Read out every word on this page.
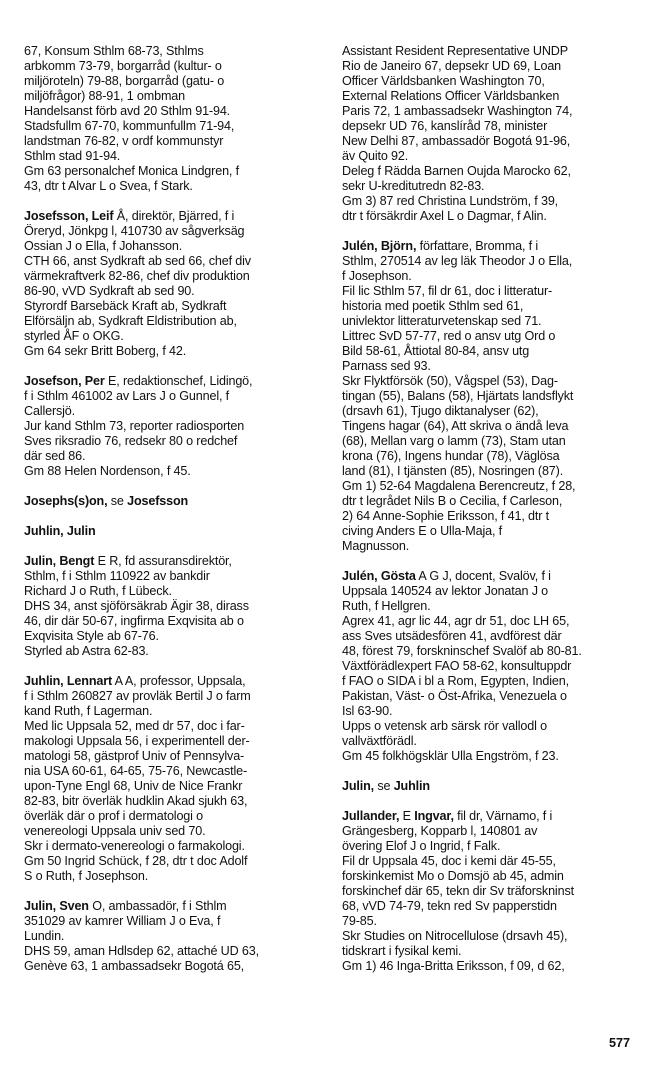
67, Konsum Sthlm 68-73, Sthlms
arbkomm 73-79, borgarråd (kultur- o
miljöroteln) 79-88, borgarråd (gatu- o
miljöfrågor) 88-91, 1 ombman
Handelsanst förb avd 20 Sthlm 91-94.
Stadsfullm 67-70, kommunfullm 71-94,
landstman 76-82, v ordf kommunstyr
Sthlm stad 91-94.
Gm 63 personalchef Monica Lindgren, f
43, dtr t Alvar L o Svea, f Stark.
Josefsson, Leif Å, direktör, Bjärred, f i
Öreryd, Jönkpg l, 410730 av sågverksäg
Ossian J o Ella, f Johansson.
CTH 66, anst Sydkraft ab sed 66, chef div
värmekraftverk 82-86, chef div produktion
86-90, vVD Sydkraft ab sed 90.
Styrordf Barsebäck Kraft ab, Sydkraft
Elförsäljn ab, Sydkraft Eldistribution ab,
styrled ÅF o OKG.
Gm 64 sekr Britt Boberg, f 42.
Josefson, Per E, redaktionschef, Lidingö,
f i Sthlm 461002 av Lars J o Gunnel, f
Callersjö.
Jur kand Sthlm 73, reporter radiosporten
Sves riksradio 76, redsekr 80 o redchef
där sed 86.
Gm 88 Helen Nordenson, f 45.
Josephs(s)on, se Josefsson
Juhlin, Julin
Julin, Bengt E R, fd assuransdirektör,
Sthlm, f i Sthlm 110922 av bankdir
Richard J o Ruth, f Lübeck.
DHS 34, anst sjöförsäkrab Ägir 38, dirass
46, dir där 50-67, ingfirma Exqvisita ab o
Exqvisita Style ab 67-76.
Styrled ab Astra 62-83.
Juhlin, Lennart A A, professor, Uppsala,
f i Sthlm 260827 av provläk Bertil J o farm
kand Ruth, f Lagerman.
Med lic Uppsala 52, med dr 57, doc i far-
makologi Uppsala 56, i experimentell der-
matologi 58, gästprof Univ of Pennsylva-
nia USA 60-61, 64-65, 75-76, Newcastle-
upon-Tyne Engl 68, Univ de Nice Frankr
82-83, bitr överläk hudklin Akad sjukh 63,
överläk där o prof i dermatologi o
venereologi Uppsala univ sed 70.
Skr i dermato-venereologi o farmakologi.
Gm 50 Ingrid Schück, f 28, dtr t doc Adolf
S o Ruth, f Josephson.
Julin, Sven O, ambassadör, f i Sthlm
351029 av kamrer William J o Eva, f
Lundin.
DHS 59, aman Hdlsdep 62, attaché UD 63,
Genève 63, 1 ambassadsekr Bogotá 65,
Assistant Resident Representative UNDP
Rio de Janeiro 67, depsekr UD 69, Loan
Officer Världsbanken Washington 70,
External Relations Officer Världsbanken
Paris 72, 1 ambassadsekr Washington 74,
depsekr UD 76, kanslíråd 78, minister
New Delhi 87, ambassadör Bogotá 91-96,
äv Quito 92.
Deleg f Rädda Barnen Oujda Marocko 62,
sekr U-kreditutredn 82-83.
Gm 3) 87 red Christina Lundström, f 39,
dtr t försäkrdir Axel L o Dagmar, f Alin.
Julén, Björn, författare, Bromma, f i
Sthlm, 270514 av leg läk Theodor J o Ella,
f Josephson.
Fil lic Sthlm 57, fil dr 61, doc i litteratur-
historia med poetik Sthlm sed 61,
univlektor litteraturvetenskap sed 71.
Littrec SvD 57-77, red o ansv utg Ord o
Bild 58-61, Åttiotal 80-84, ansv utg
Parnass sed 93.
Skr Flyktförsök (50), Vågspel (53), Dag-
tingan (55), Balans (58), Hjärtats landsflykt
(drsavh 61), Tjugo diktanalyser (62),
Tingens hagar (64), Att skriva o ändå leva
(68), Mellan varg o lamm (73), Stam utan
krona (76), Ingens hundar (78), Väglösa
land (81), I tjänsten (85), Nosringen (87).
Gm 1) 52-64 Magdalena Berencreutz, f 28,
dtr t legrådet Nils B o Cecilia, f Carleson,
2) 64 Anne-Sophie Eriksson, f 41, dtr t
civing Anders E o Ulla-Maja, f
Magnusson.
Julén, Gösta A G J, docent, Svalöv, f i
Uppsala 140524 av lektor Jonatan J o
Ruth, f Hellgren.
Agrex 41, agr lic 44, agr dr 51, doc LH 65,
ass Sves utsädesfören 41, avdförest där
48, förest 79, forskninschef Svalöf ab 80-81.
Växtförädlexpert FAO 58-62, konsultuppdr
f FAO o SIDA i bl a Rom, Egypten, Indien,
Pakistan, Väst- o Öst-Afrika, Venezuela o
Isl 63-90.
Upps o vetensk arb särsk rör vallodl o
vallväxtförädl.
Gm 45 folkhögsklär Ulla Engström, f 23.
Julin, se Juhlin
Jullander, E Ingvar, fil dr, Värnamo, f i
Grängesberg, Kopparb l, 140801 av
övering Elof J o Ingrid, f Falk.
Fil dr Uppsala 45, doc i kemi där 45-55,
forskinkemist Mo o Domsjö ab 45, admin
forskinchef där 65, tekn dir Sv träforskninst
68, vVD 74-79, tekn red Sv papperstidn
79-85.
Skr Studies on Nitrocellulose (drsavh 45),
tidskrart i fysikal kemi.
Gm 1) 46 Inga-Britta Eriksson, f 09, d 62,
577
